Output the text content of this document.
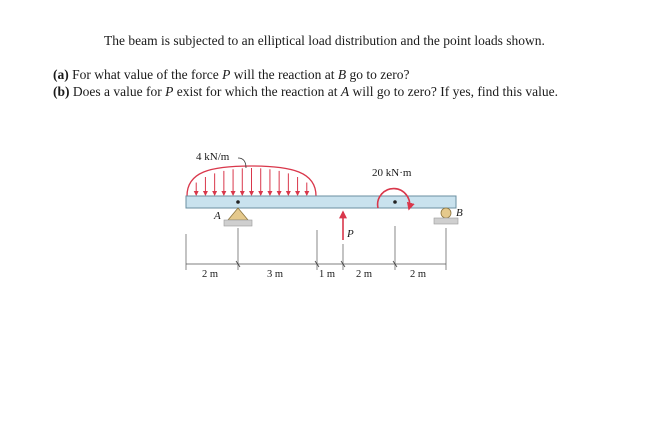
The beam is subjected to an elliptical load distribution and the point loads shown.
(a) For what value of the force P will the reaction at B go to zero?
(b) Does a value for P exist for which the reaction at A will go to zero? If yes, find this value.
4 kN/m
A	B
P
20 kN·m
2 m	3 m	1 m 2 m	2 m
